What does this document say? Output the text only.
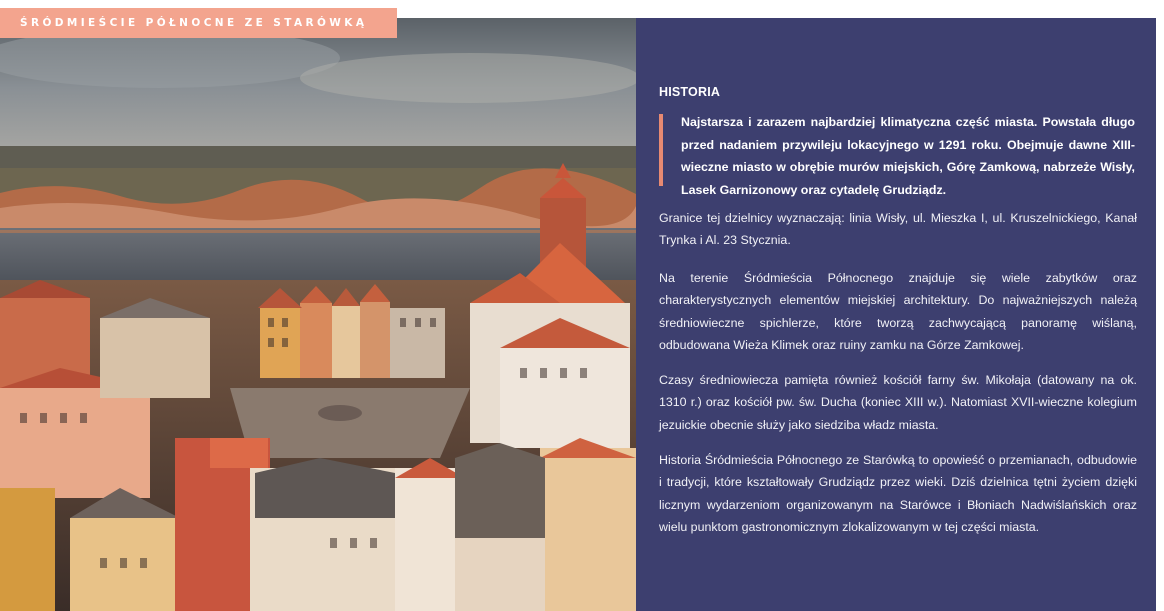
ŚRÓDMIEŚCIE PÓŁNOCNE ZE STARÓWKĄ
HISTORIA

Najstarsza i zarazem najbardziej klimatyczna część miasta. Powstała długo przed nadaniem przywileju lokacyjnego w 1291 roku. Obejmuje dawne XIII-wieczne miasto w obrębie murów miejskich, Górę Zamkową, nabrzeże Wisły, Lasek Garnizonowy oraz cytadelę Grudziądz.

Granice tej dzielnicy wyznaczają: linia Wisły, ul. Mieszka I, ul. Kruszelnickiego, Kanał Trynka i Al. 23 Stycznia.

Na terenie Śródmieścia Północnego znajduje się wiele zabytków oraz charakterystycznych elementów miejskiej architektury. Do najważniejszych należą średniowieczne spichlerze, które tworzą zachwycającą panoramę wiślaną, odbudowana Wieża Klimek oraz ruiny zamku na Górze Zamkowej.

Czasy średniowiecza pamięta również kościół farny św. Mikołaja (datowany na ok. 1310 r.) oraz kościół pw. św. Ducha (koniec XIII w.). Natomiast XVII-wieczne kolegium jezuickie obecnie służy jako siedziba władz miasta.

Historia Śródmieścia Północnego ze Starówką to opowieść o przemianach, odbudowie i tradycji, które kształtowały Grudziądz przez wieki. Dziś dzielnica tętni życiem dzięki licznym wydarzeniom organizowanym na Starówce i Błoniach Nadwiślańskich oraz wielu punktom gastronomicznym zlokalizowanym w tej części miasta.
